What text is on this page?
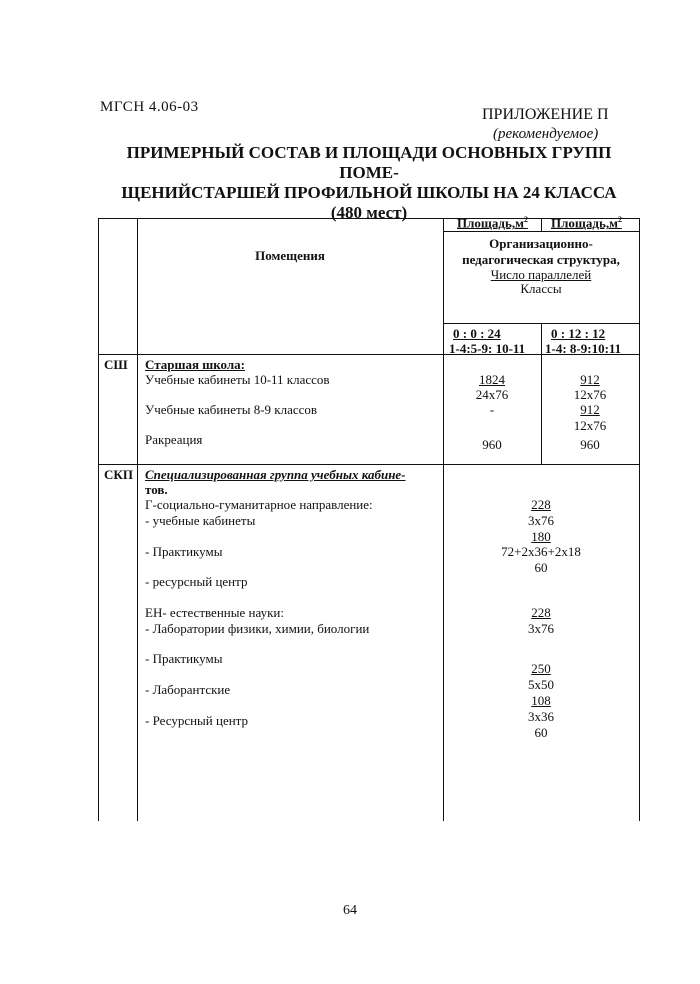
МГСН 4.06-03	ПРИЛОЖЕНИЕ П
(рекомендуемое)
ПРИМЕРНЫЙ СОСТАВ И ПЛОЩАДИ ОСНОВНЫХ ГРУПП ПОМЕ-
ЩЕНИЙСТАРШЕЙ ПРОФИЛЬНОЙ ШКОЛЫ НА 24 КЛАССА
(480 мест)
Помещения
$Площадь,м^2$ $Площадь,м^2$
Организационно-
педагогическая структура,
Число параллелей
Классы
0 : 0 : 24
1-4:5-9: 10-11
0 : 12 : 12
1-4: 8-9:10:11
СШ Старшая школа:
Учебные кабинеты 10-11 классов
Учебные кабинеты 8-9 классов
Ракреация
1824
24x76
-
960
912
12x76
912
12x76
960
СКП Специализированная группа учебных кабине-
тов.
Г-социально-гуманитарное направление:
- учебные кабинеты
- Практикумы
- ресурсный центр
ЕН- естественные науки:
- Лаборатории физики, химии, биологии
- Практикумы
- Лаборантские
- Ресурсный центр
228
3x76
180
72+2x36+2x18
60
228
3x76
250
5x50
108
3x36
60
64
